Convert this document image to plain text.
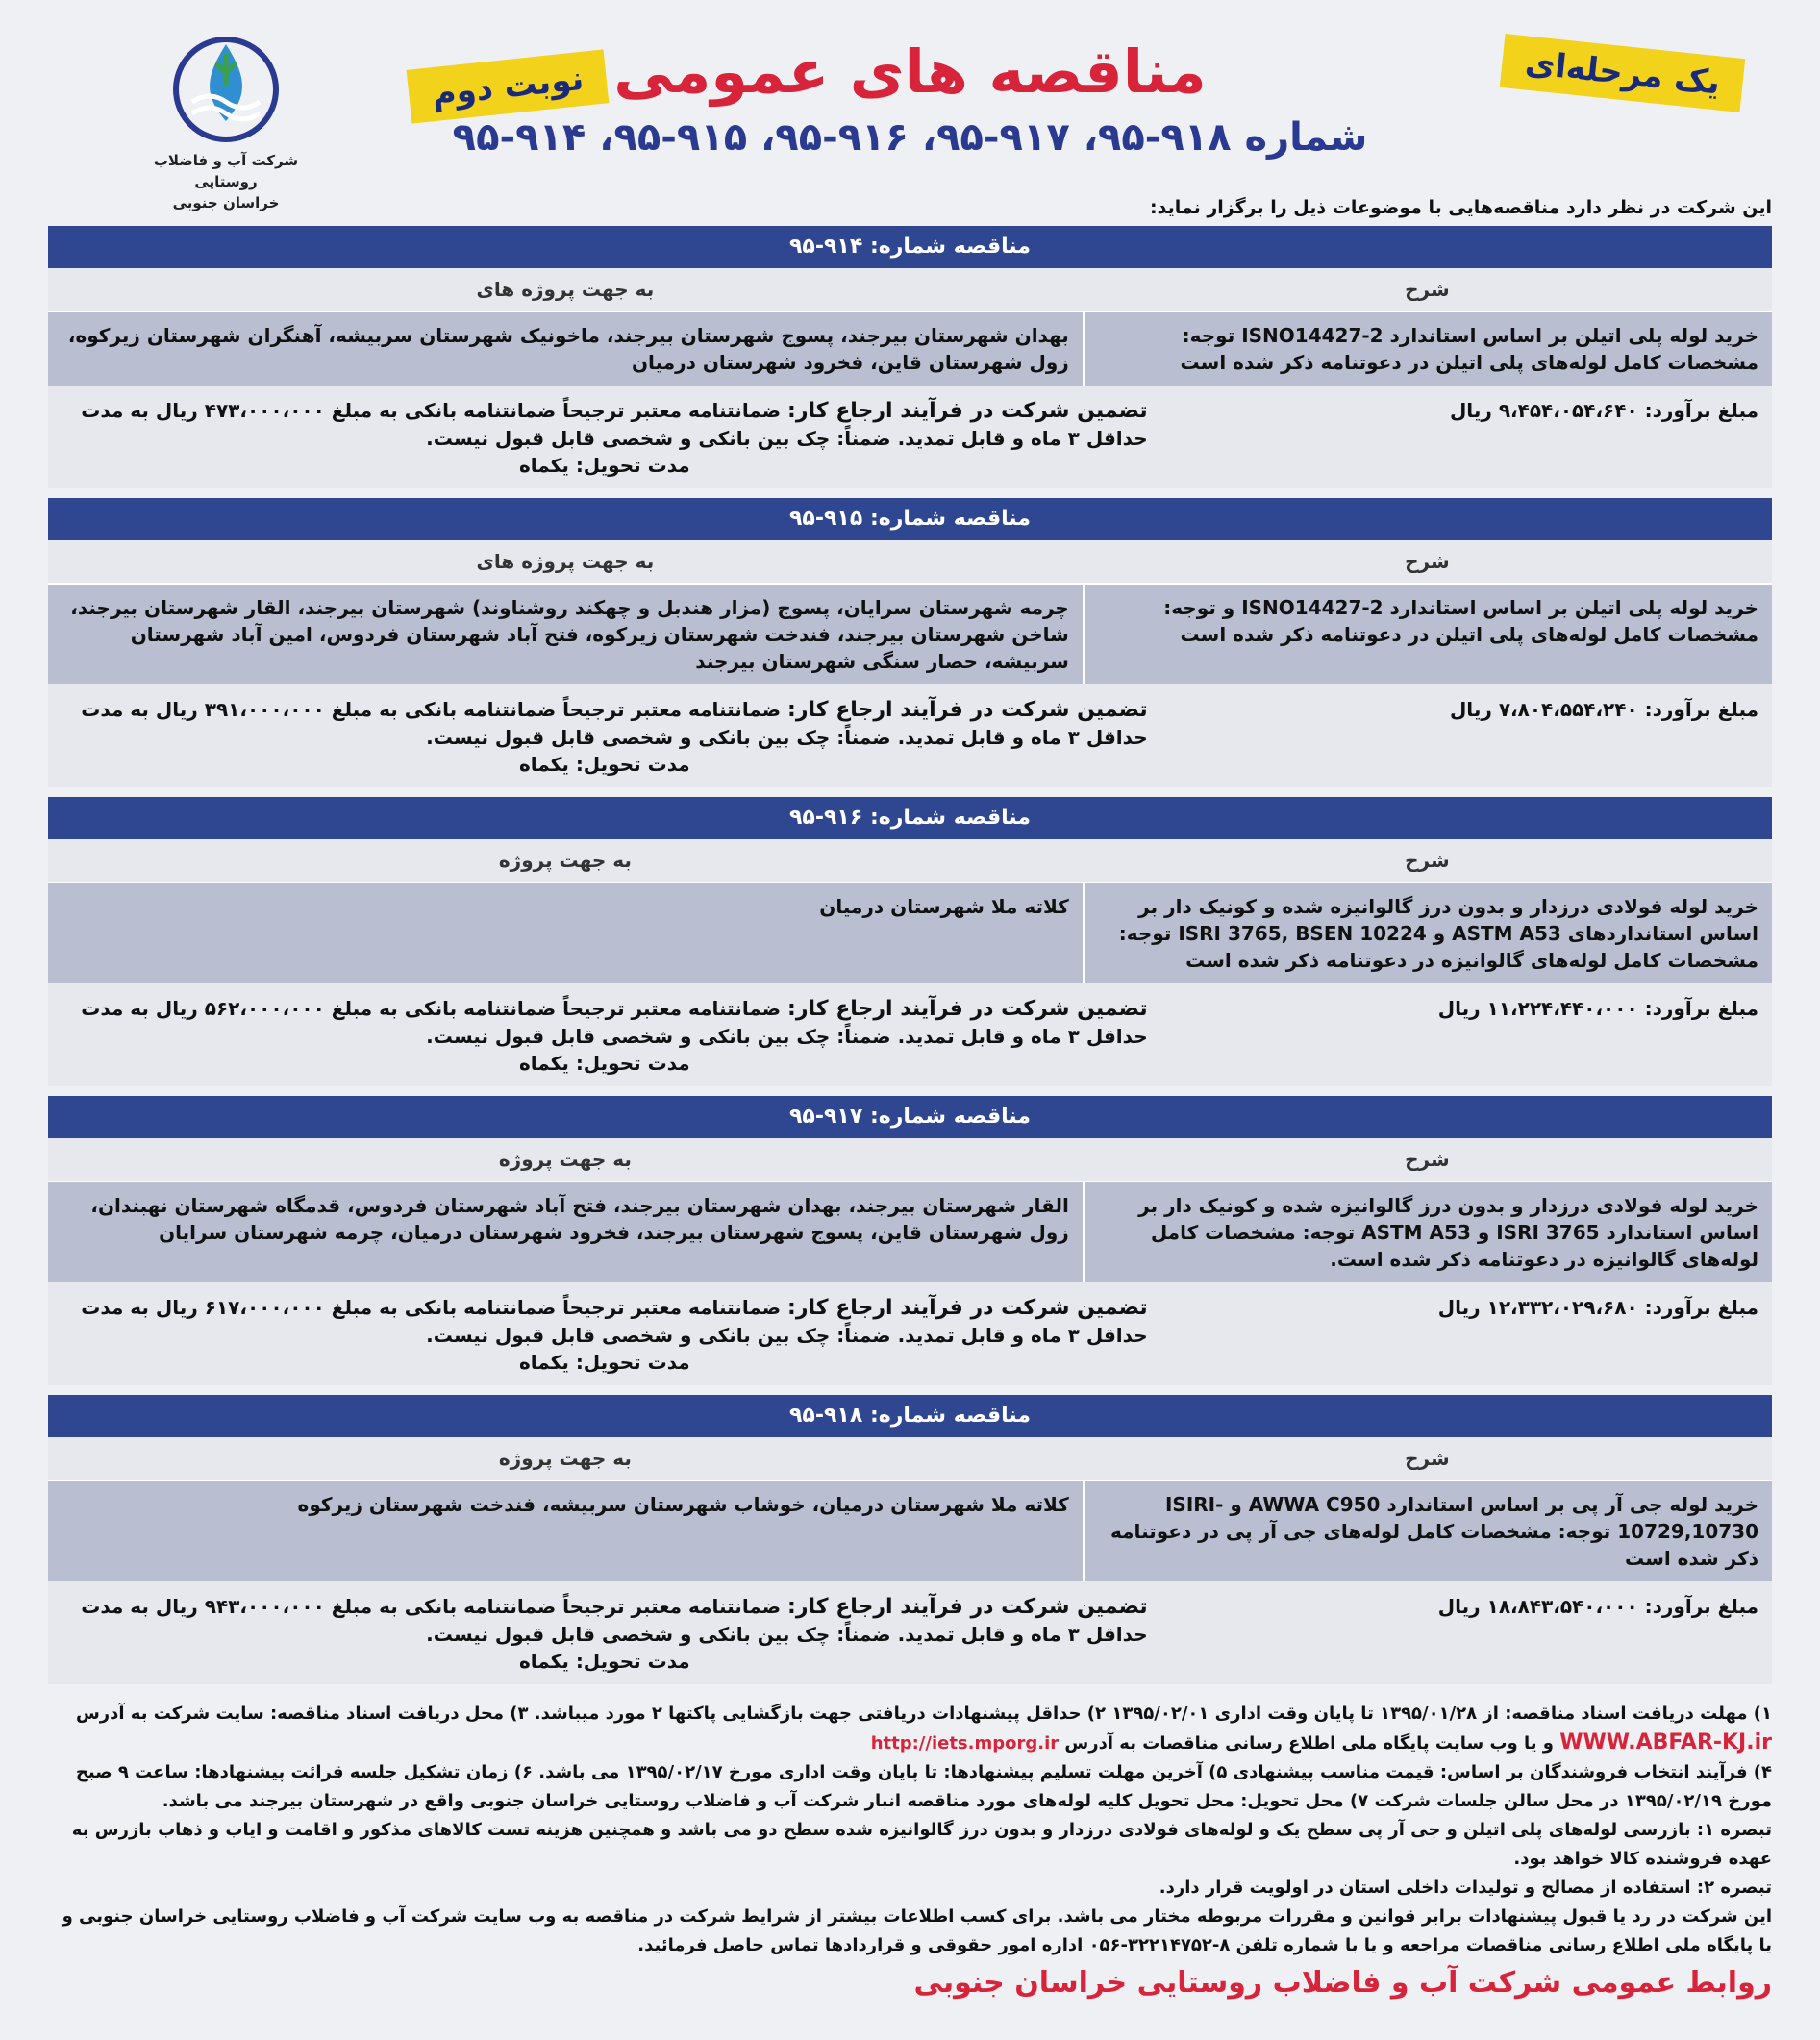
یک مرحله‌ای
مناقصه های عمومی
نوبت دوم
شماره ۹۱۸-۹۵، ۹۱۷-۹۵، ۹۱۶-۹۵، ۹۱۵-۹۵، ۹۱۴-۹۵
شرکت آب و فاضلاب روستایی
خراسان جنوبی	این شرکت در نظر دارد مناقصه‌هایی با موضوعات ذیل را برگزار نماید:
مناقصه شماره: ۹۱۴-۹۵
شرح
به جهت پروژه های
خرید لوله پلی اتیلن بر اساس استاندارد ISNO14427-2 توجه: مشخصات کامل لوله‌های پلی اتیلن در دعوتنامه ذکر شده است
بهدان شهرستان بیرجند، پسوج شهرستان بیرجند، ماخونیک شهرستان سربیشه، آهنگران شهرستان زیرکوه، زول شهرستان قاین، فخرود شهرستان درمیان
مبلغ برآورد: ۹،۴۵۴،۰۵۴،۶۴۰ ریال
تضمین شرکت در فرآیند ارجاع کار: ضمانتنامه معتبر ترجیحاً ضمانتنامه بانکی به مبلغ ۴۷۳،۰۰۰،۰۰۰ ریال به مدت حداقل ۳ ماه و قابل تمدید. ضمناً: چک بین بانکی و شخصی قابل قبول نیست.
مدت تحویل: یکماه
مناقصه شماره: ۹۱۵-۹۵
شرح
به جهت پروژه های
خرید لوله پلی اتیلن بر اساس استاندارد ISNO14427-2 و توجه: مشخصات کامل لوله‌های پلی اتیلن در دعوتنامه ذکر شده است
چرمه شهرستان سرایان، پسوج (مزار هندبل و چهکند روشناوند) شهرستان بیرجند، القار شهرستان بیرجند، شاخن شهرستان بیرجند، فندخت شهرستان زیرکوه، فتح آباد شهرستان فردوس، امین آباد شهرستان سربیشه، حصار سنگی شهرستان بیرجند
مبلغ برآورد: ۷،۸۰۴،۵۵۴،۲۴۰ ریال
تضمین شرکت در فرآیند ارجاع کار: ضمانتنامه معتبر ترجیحاً ضمانتنامه بانکی به مبلغ ۳۹۱،۰۰۰،۰۰۰ ریال به مدت حداقل ۳ ماه و قابل تمدید. ضمناً: چک بین بانکی و شخصی قابل قبول نیست.
مدت تحویل: یکماه
مناقصه شماره: ۹۱۶-۹۵
شرح
به جهت پروژه
خرید لوله فولادی درزدار و بدون درز گالوانیزه شده و کونیک دار بر اساس استانداردهای ASTM A53 و ISRI 3765, BSEN 10224 توجه: مشخصات کامل لوله‌های گالوانیزه در دعوتنامه ذکر شده است
کلاته ملا شهرستان درمیان
مبلغ برآورد: ۱۱،۲۲۴،۴۴۰،۰۰۰ ریال
تضمین شرکت در فرآیند ارجاع کار: ضمانتنامه معتبر ترجیحاً ضمانتنامه بانکی به مبلغ ۵۶۲،۰۰۰،۰۰۰ ریال به مدت حداقل ۳ ماه و قابل تمدید. ضمناً: چک بین بانکی و شخصی قابل قبول نیست.
مدت تحویل: یکماه
مناقصه شماره: ۹۱۷-۹۵
شرح
به جهت پروژه
خرید لوله فولادی درزدار و بدون درز گالوانیزه شده و کونیک دار بر اساس استاندارد ISRI 3765 و ASTM A53 توجه: مشخصات کامل لوله‌های گالوانیزه در دعوتنامه ذکر شده است.
القار شهرستان بیرجند، بهدان شهرستان بیرجند، فتح آباد شهرستان فردوس، قدمگاه شهرستان نهبندان، زول شهرستان قاین، پسوج شهرستان بیرجند، فخرود شهرستان درمیان، چرمه شهرستان سرایان
مبلغ برآورد: ۱۲،۳۳۲،۰۲۹،۶۸۰ ریال
تضمین شرکت در فرآیند ارجاع کار: ضمانتنامه معتبر ترجیحاً ضمانتنامه بانکی به مبلغ ۶۱۷،۰۰۰،۰۰۰ ریال به مدت حداقل ۳ ماه و قابل تمدید. ضمناً: چک بین بانکی و شخصی قابل قبول نیست.
مدت تحویل: یکماه
مناقصه شماره: ۹۱۸-۹۵
شرح
به جهت پروژه
خرید لوله جی آر پی بر اساس استاندارد AWWA C950 و ISIRI-10729,10730 توجه: مشخصات کامل لوله‌های جی آر پی در دعوتنامه ذکر شده است
کلاته ملا شهرستان درمیان، خوشاب شهرستان سربیشه، فندخت شهرستان زیرکوه
مبلغ برآورد: ۱۸،۸۴۳،۵۴۰،۰۰۰ ریال
تضمین شرکت در فرآیند ارجاع کار: ضمانتنامه معتبر ترجیحاً ضمانتنامه بانکی به مبلغ ۹۴۳،۰۰۰،۰۰۰ ریال به مدت حداقل ۳ ماه و قابل تمدید. ضمناً: چک بین بانکی و شخصی قابل قبول نیست.
مدت تحویل: یکماه
۱) مهلت دریافت اسناد مناقصه: از ۱۳۹۵/۰۱/۲۸ تا پایان وقت اداری ۱۳۹۵/۰۲/۰۱ ۲) حداقل پیشنهادات دریافتی جهت بازگشایی پاکتها ۲ مورد میباشد. ۳) محل دریافت اسناد مناقصه: سایت شرکت به آدرس
WWW.ABFAR-KJ.ir و یا وب سایت پایگاه ملی اطلاع رسانی مناقصات به آدرس http://iets.mporg.ir
۴) فرآیند انتخاب فروشندگان بر اساس: قیمت مناسب پیشنهادی ۵) آخرین مهلت تسلیم پیشنهادها: تا پایان وقت اداری مورخ ۱۳۹۵/۰۲/۱۷ می باشد. ۶) زمان تشکیل جلسه قرائت پیشنهادها: ساعت ۹ صبح مورخ ۱۳۹۵/۰۲/۱۹ در محل سالن جلسات شرکت ۷) محل تحویل: محل تحویل کلیه لوله‌های مورد مناقصه انبار شرکت آب و فاضلاب روستایی خراسان جنوبی واقع در شهرستان بیرجند می باشد.
تبصره ۱: بازرسی لوله‌های پلی اتیلن و جی آر پی سطح یک و لوله‌های فولادی درزدار و بدون درز گالوانیزه شده سطح دو می باشد و همچنین هزینه تست کالاهای مذکور و اقامت و ایاب و ذهاب بازرس به عهده فروشنده کالا خواهد بود.
تبصره ۲: استفاده از مصالح و تولیدات داخلی استان در اولویت قرار دارد.
این شرکت در رد یا قبول پیشنهادات برابر قوانین و مقررات مربوطه مختار می باشد. برای کسب اطلاعات بیشتر از شرایط شرکت در مناقصه به وب سایت شرکت آب و فاضلاب روستایی خراسان جنوبی و یا پایگاه ملی اطلاع رسانی مناقصات مراجعه و یا با شماره تلفن ۸-۳۲۲۱۴۷۵۲-۰۵۶ اداره امور حقوقی و قراردادها تماس حاصل فرمائید.
روابط عمومی شرکت آب و فاضلاب روستایی خراسان جنوبی
